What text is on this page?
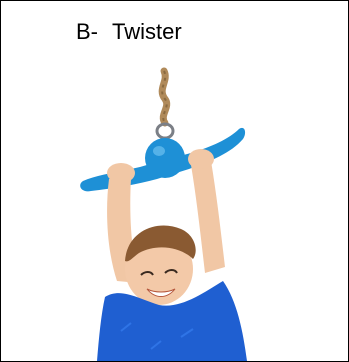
B- Twister
